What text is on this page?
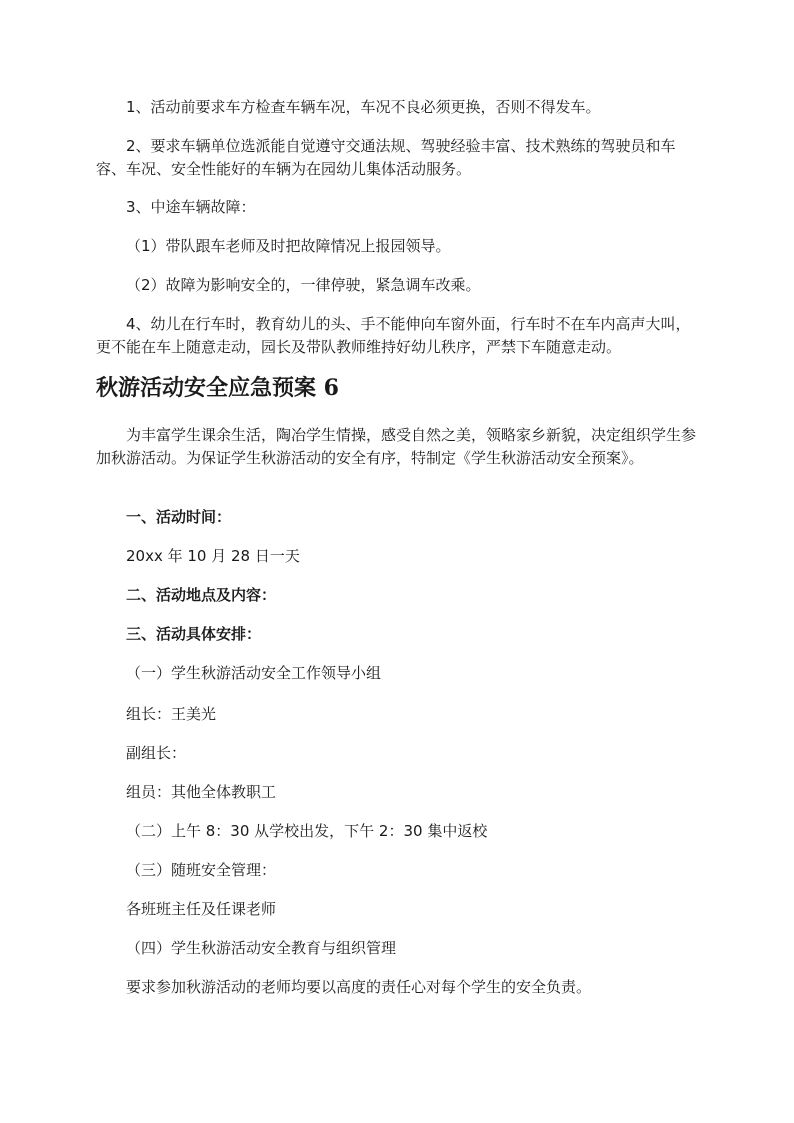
1、活动前要求车方检查车辆车况，车况不良必须更换，否则不得发车。
2、要求车辆单位选派能自觉遵守交通法规、驾驶经验丰富、技术熟练的驾驶员和车容、车况、安全性能好的车辆为在园幼儿集体活动服务。
3、中途车辆故障：
（1）带队跟车老师及时把故障情况上报园领导。
（2）故障为影响安全的，一律停驶，紧急调车改乘。
4、幼儿在行车时，教育幼儿的头、手不能伸向车窗外面，行车时不在车内高声大叫，更不能在车上随意走动，园长及带队教师维持好幼儿秩序，严禁下车随意走动。
秋游活动安全应急预案 6
为丰富学生课余生活，陶冶学生情操，感受自然之美，领略家乡新貌，决定组织学生参加秋游活动。为保证学生秋游活动的安全有序，特制定《学生秋游活动安全预案》。
一、活动时间：
20xx 年 10 月 28 日一天
二、活动地点及内容：
三、活动具体安排：
（一）学生秋游活动安全工作领导小组
组长：王美光
副组长：
组员：其他全体教职工
（二）上午 8：30 从学校出发，下午 2：30 集中返校
（三）随班安全管理：
各班班主任及任课老师
（四）学生秋游活动安全教育与组织管理
要求参加秋游活动的老师均要以高度的责任心对每个学生的安全负责。
